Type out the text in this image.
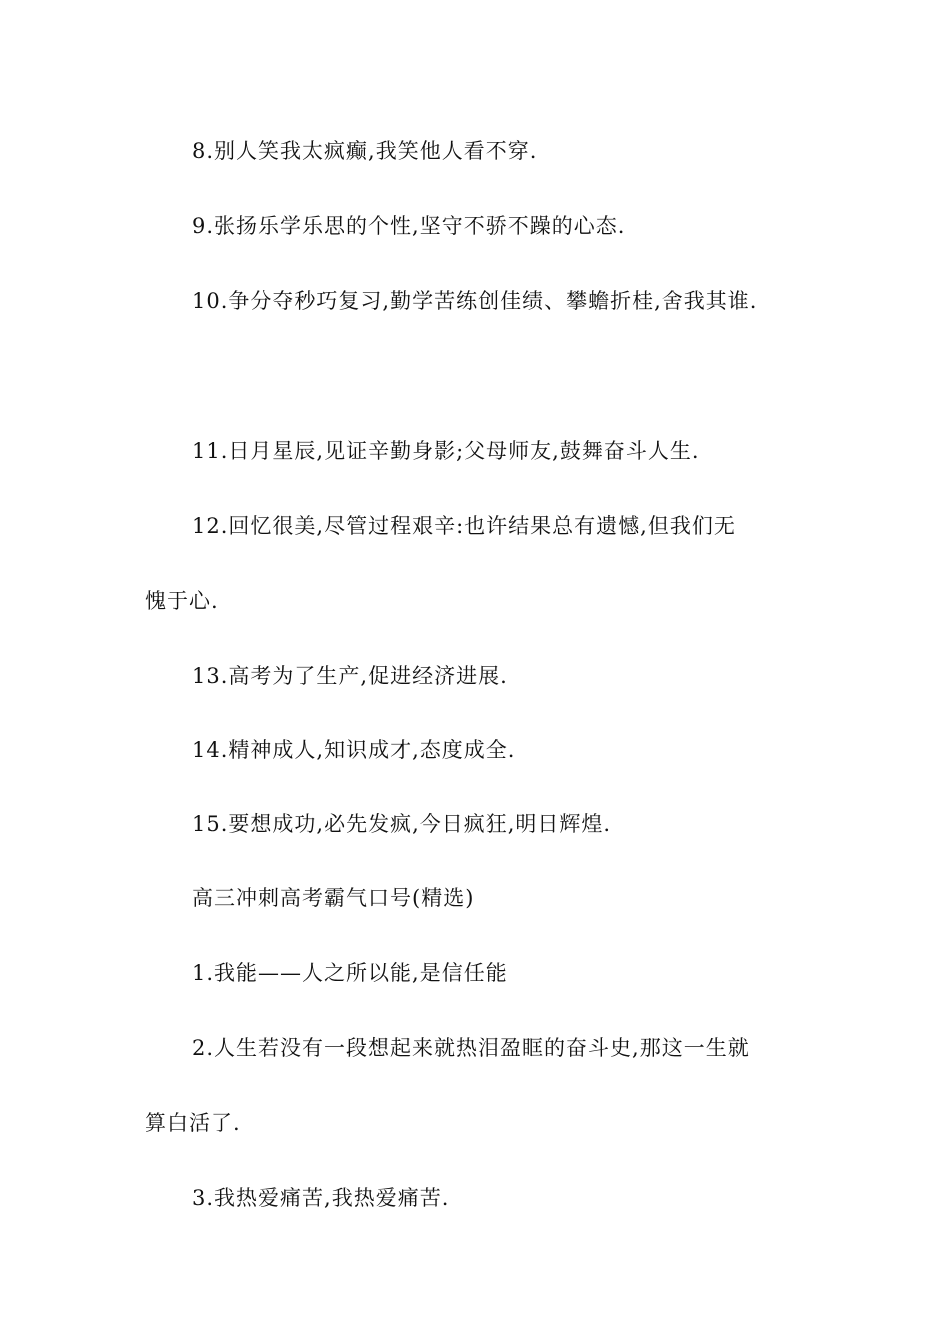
8.别人笑我太疯癫,我笑他人看不穿.
9.张扬乐学乐思的个性,坚守不骄不躁的心态.
10.争分夺秒巧复习,勤学苦练创佳绩、攀蟾折桂,舍我其谁.
11.日月星辰,见证辛勤身影;父母师友,鼓舞奋斗人生.
12.回忆很美,尽管过程艰辛:也许结果总有遗憾,但我们无
愧于心.
13.高考为了生产,促进经济进展.
14.精神成人,知识成才,态度成全.
15.要想成功,必先发疯,今日疯狂,明日辉煌.
高三冲刺高考霸气口号(精选)
1.我能——人之所以能,是信任能
2.人生若没有一段想起来就热泪盈眶的奋斗史,那这一生就
算白活了.
3.我热爱痛苦,我热爱痛苦.
